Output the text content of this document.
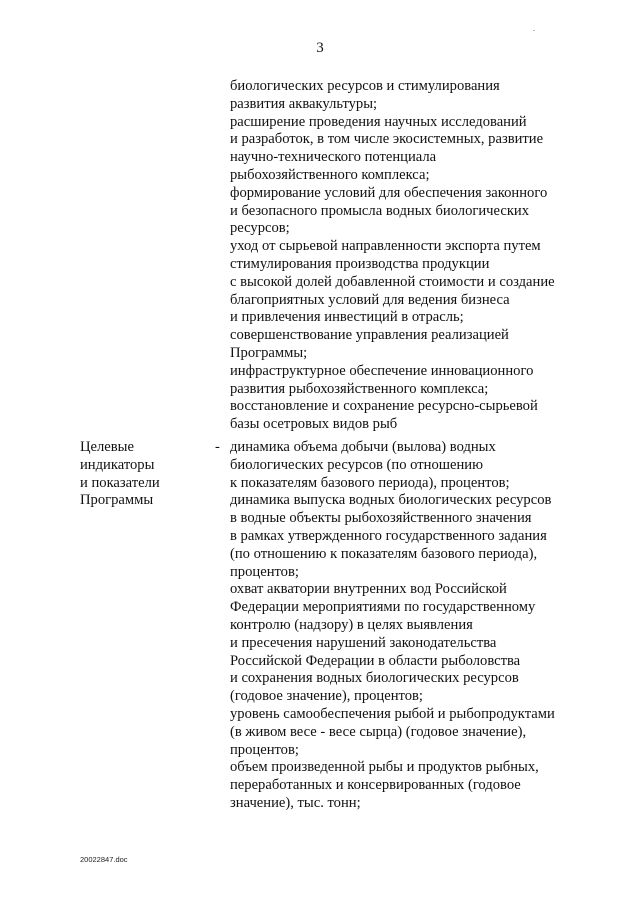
3
биологических ресурсов и стимулирования
развития аквакультуры;
расширение проведения научных исследований
и разработок, в том числе экосистемных, развитие
научно-технического потенциала
рыбохозяйственного комплекса;
формирование условий для обеспечения законного
и безопасного промысла водных биологических
ресурсов;
уход от сырьевой направленности экспорта путем
стимулирования производства продукции
с высокой долей добавленной стоимости и создание
благоприятных условий для ведения бизнеса
и привлечения инвестиций в отрасль;
совершенствование управления реализацией
Программы;
инфраструктурное обеспечение инновационного
развития рыбохозяйственного комплекса;
восстановление и сохранение ресурсно-сырьевой
базы осетровых видов рыб
Целевые
индикаторы
и показатели
Программы
- динамика объема добычи (вылова) водных
биологических ресурсов (по отношению
к показателям базового периода), процентов;
динамика выпуска водных биологических ресурсов
в водные объекты рыбохозяйственного значения
в рамках утвержденного государственного задания
(по отношению к показателям базового периода),
процентов;
охват акватории внутренних вод Российской
Федерации мероприятиями по государственному
контролю (надзору) в целях выявления
и пресечения нарушений законодательства
Российской Федерации в области рыболовства
и сохранения водных биологических ресурсов
(годовое значение), процентов;
уровень самообеспечения рыбой и рыбопродуктами
(в живом весе - весе сырца) (годовое значение),
процентов;
объем произведенной рыбы и продуктов рыбных,
переработанных и консервированных (годовое
значение), тыс. тонн;
20022847.doc
